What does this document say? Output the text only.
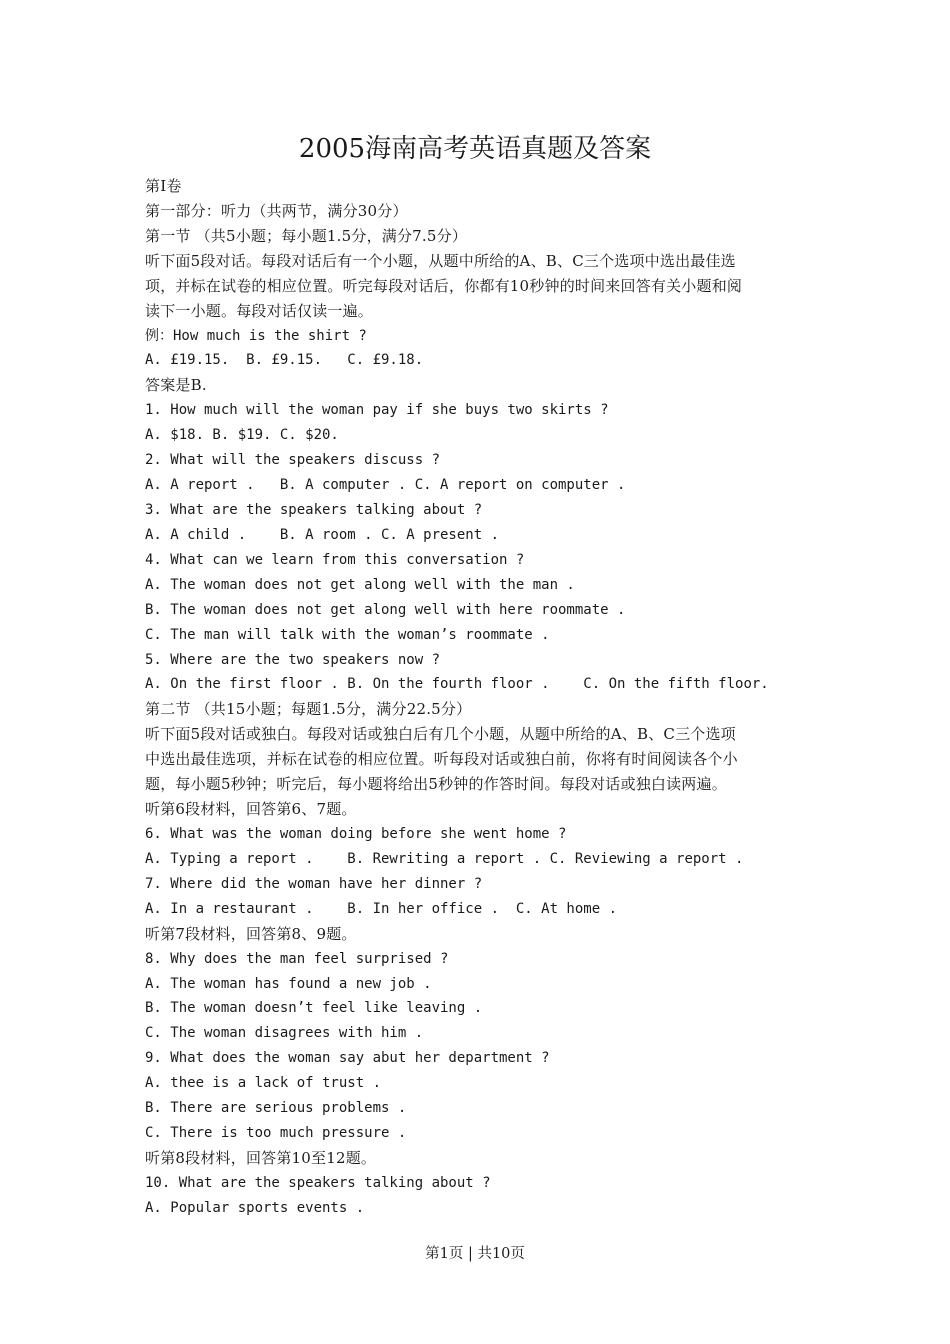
2005海南高考英语真题及答案
第Ⅰ卷
第一部分：听力（共两节，满分30分）
第一节 （共5小题；每小题1.5分，满分7.5分）
听下面5段对话。每段对话后有一个小题，从题中所给的A、B、C三个选项中选出最佳选
项，并标在试卷的相应位置。听完每段对话后，你都有10秒钟的时间来回答有关小题和阅
读下一小题。每段对话仅读一遍。
例：How much is the shirt ?
A. £19.15.  B. £9.15.   C. £9.18.
答案是B.
1. How much will the woman pay if she buys two skirts ?
A. $18. B. $19. C. $20.
2. What will the speakers discuss ?
A. A report .   B. A computer . C. A report on computer .
3. What are the speakers talking about ?
A. A child .    B. A room . C. A present .
4. What can we learn from this conversation ?
A. The woman does not get along well with the man .
B. The woman does not get along well with here roommate .
C. The man will talk with the woman’s roommate .
5. Where are the two speakers now ?
A. On the first floor . B. On the fourth floor .    C. On the fifth floor.
第二节 （共15小题；每题1.5分，满分22.5分）
听下面5段对话或独白。每段对话或独白后有几个小题，从题中所给的A、B、C三个选项
中选出最佳选项，并标在试卷的相应位置。听每段对话或独白前，你将有时间阅读各个小
题，每小题5秒钟；听完后，每小题将给出5秒钟的作答时间。每段对话或独白读两遍。
听第6段材料，回答第6、7题。
6. What was the woman doing before she went home ?
A. Typing a report .    B. Rewriting a report . C. Reviewing a report .
7. Where did the woman have her dinner ?
A. In a restaurant .    B. In her office .  C. At home .
听第7段材料，回答第8、9题。
8. Why does the man feel surprised ?
A. The woman has found a new job .
B. The woman doesn’t feel like leaving .
C. The woman disagrees with him .
9. What does the woman say abut her department ?
A. thee is a lack of trust .
B. There are serious problems .
C. There is too much pressure .
听第8段材料，回答第10至12题。
10. What are the speakers talking about ?
A. Popular sports events .
第1页 | 共10页
